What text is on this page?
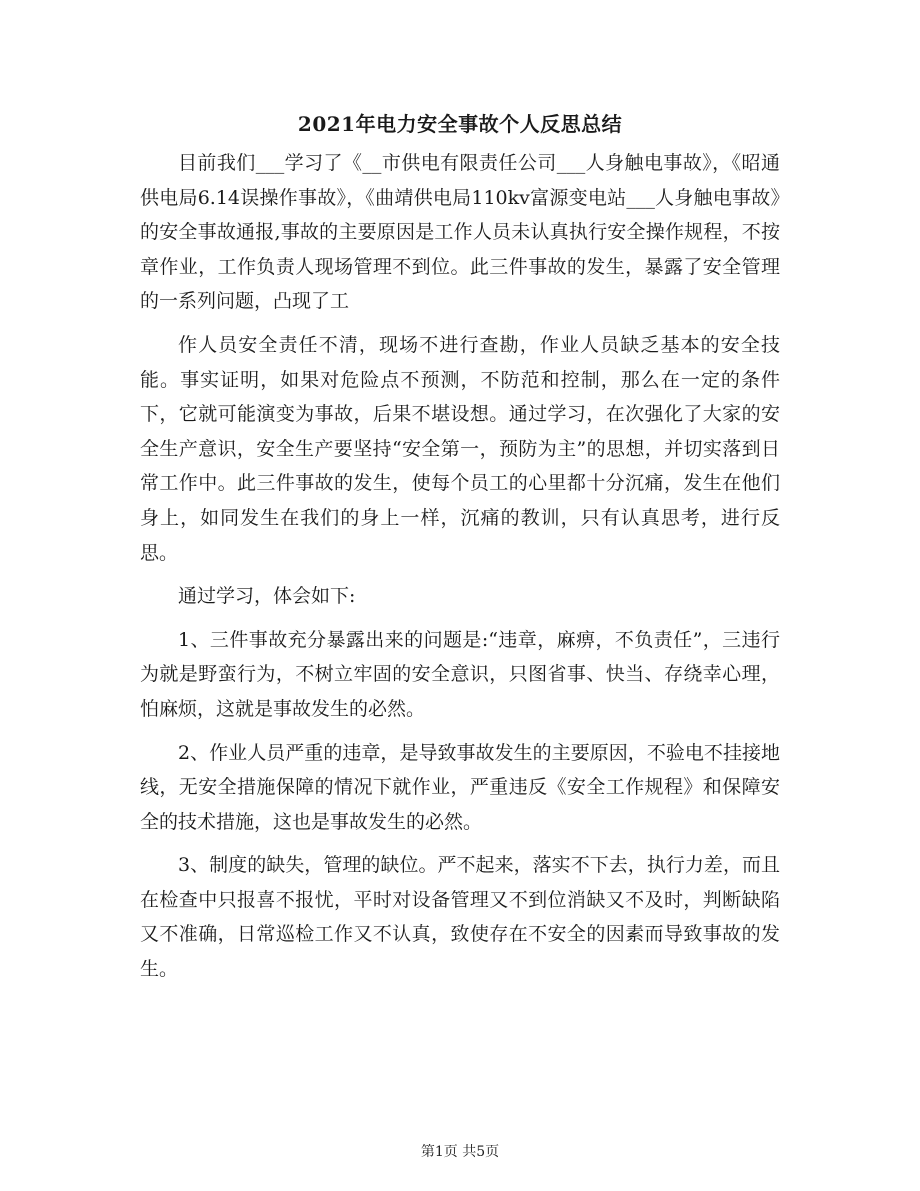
2021年电力安全事故个人反思总结

目前我们___学习了《__市供电有限责任公司___人身触电事故》，《昭通供电局6.14误操作事故》，《曲靖供电局110kv富源变电站___人身触电事故》的安全事故通报,事故的主要原因是工作人员未认真执行安全操作规程，不按章作业，工作负责人现场管理不到位。此三件事故的发生，暴露了安全管理的一系列问题，凸现了工

作人员安全责任不清，现场不进行查勘，作业人员缺乏基本的安全技能。事实证明，如果对危险点不预测，不防范和控制，那么在一定的条件下，它就可能演变为事故，后果不堪设想。通过学习，在次强化了大家的安全生产意识，安全生产要坚持“安全第一，预防为主”的思想，并切实落到日常工作中。此三件事故的发生，使每个员工的心里都十分沉痛，发生在他们身上，如同发生在我们的身上一样，沉痛的教训，只有认真思考，进行反思。

通过学习，体会如下:

1、三件事故充分暴露出来的问题是:“违章，麻痹，不负责任”，三违行为就是野蛮行为，不树立牢固的安全意识，只图省事、快当、存绕幸心理，怕麻烦，这就是事故发生的必然。

2、作业人员严重的违章，是导致事故发生的主要原因，不验电不挂接地线，无安全措施保障的情况下就作业，严重违反《安全工作规程》和保障安全的技术措施，这也是事故发生的必然。

3、制度的缺失，管理的缺位。严不起来，落实不下去，执行力差，而且在检查中只报喜不报忧，平时对设备管理又不到位消缺又不及时，判断缺陷又不准确，日常巡检工作又不认真，致使存在不安全的因素而导致事故的发生。

第1页 共5页
